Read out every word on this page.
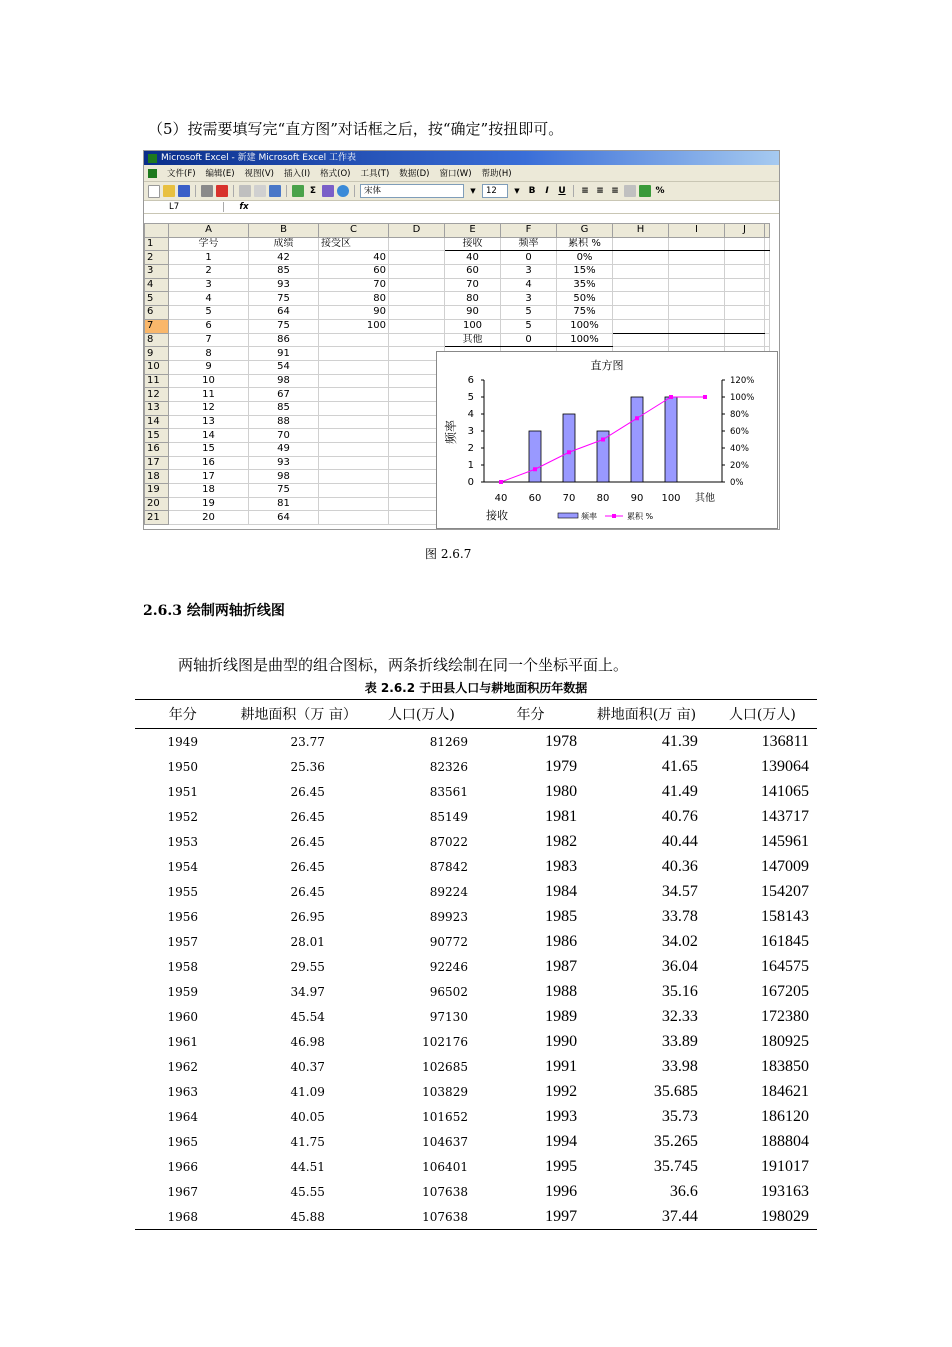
（5）按需要填写完“直方图”对话框之后，按“确定”按扭即可。
Microsoft Excel - 新建 Microsoft Excel 工作表
文件(F) 编辑(E) 视图(V) 插入(I) 格式(O) 工具(T) 数据(D) 窗口(W) 帮助(H)
Σ	宋体	▼	12	▼ B	I	U ≡ ≡ ≡	%
L7	fx
	A	B	C	D	E	F	G	H	I	J	
1	学号	成绩	接受区		接收	频率	累积 %				
2	1	42	40		40	0	0%				
3	2	85	60		60	3	15%				
4	3	93	70		70	4	35%				
5	4	75	80		80	3	50%				
6	5	64	90		90	5	75%				
7	6	75	100		100	5	100%				
8	7	86			其他	0	100%				
9	8	91									
10	9	54									
11	10	98									
12	11	67									
13	12	85									
14	13	88									
15	14	70									
16	15	49									
17	16	93									
18	17	98									
19	18	75									
20	19	81									
21	20	64									
直方图
0
1
2
3
4
5
6
0%
20%
40%
60%
80%
100%
120%
40 60 70 80 90 100 其他
频率
接收	频率	累积 %
图 2.6.7
2.6.3 绘制两轴折线图
两轴折线图是曲型的组合图标，两条折线绘制在同一个坐标平面上。
表 2.6.2 于田县人口与耕地面积历年数据
年分	耕地面积（万 亩）	人口(万人)	年分	耕地面积(万 亩)	人口(万人)
1949	23.77	81269	1978	41.39	136811
1950	25.36	82326	1979	41.65	139064
1951	26.45	83561	1980	41.49	141065
1952	26.45	85149	1981	40.76	143717
1953	26.45	87022	1982	40.44	145961
1954	26.45	87842	1983	40.36	147009
1955	26.45	89224	1984	34.57	154207
1956	26.95	89923	1985	33.78	158143
1957	28.01	90772	1986	34.02	161845
1958	29.55	92246	1987	36.04	164575
1959	34.97	96502	1988	35.16	167205
1960	45.54	97130	1989	32.33	172380
1961	46.98	102176	1990	33.89	180925
1962	40.37	102685	1991	33.98	183850
1963	41.09	103829	1992	35.685	184621
1964	40.05	101652	1993	35.73	186120
1965	41.75	104637	1994	35.265	188804
1966	44.51	106401	1995	35.745	191017
1967	45.55	107638	1996	36.6	193163
1968	45.88	107638	1997	37.44	198029
